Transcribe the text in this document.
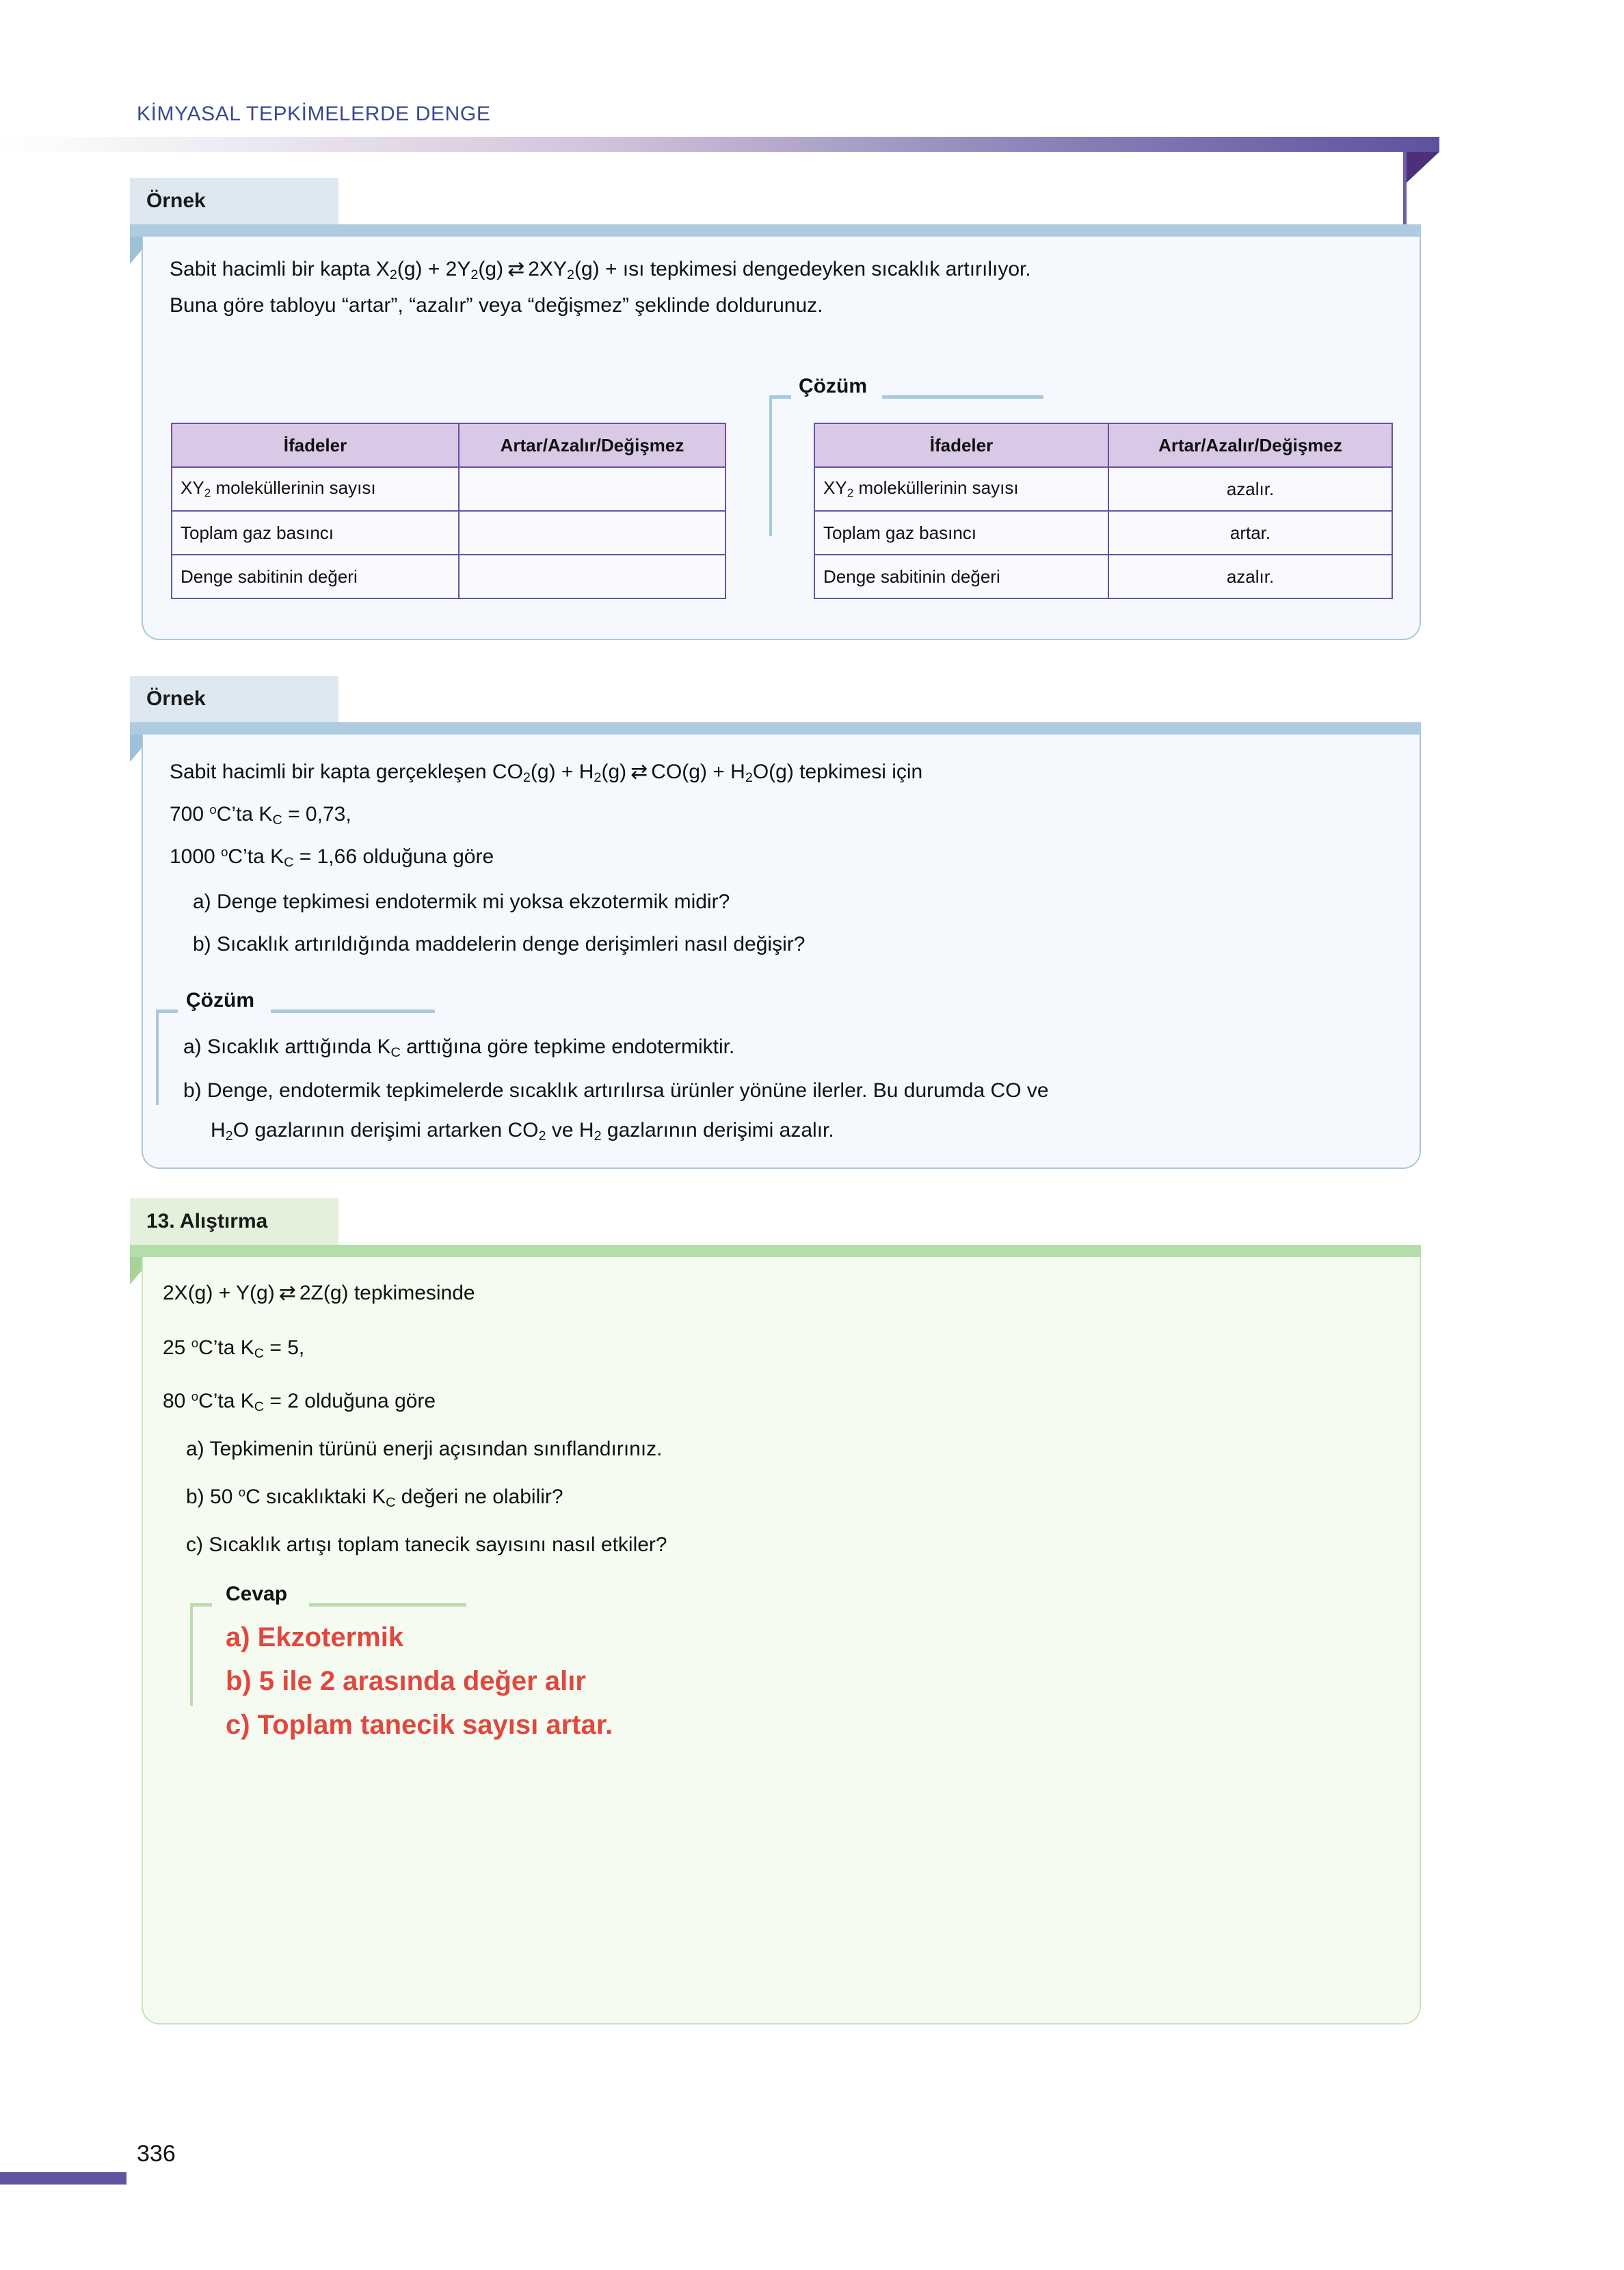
KİMYASAL TEPKİMELERDE DENGE
Örnek
Sabit hacimli bir kapta $X_2(g) + 2Y_2(g)$ ⇄ $2XY_2(g)$ + ısı tepkimesi dengedeyken sıcaklık artırılıyor.
Buna göre tabloyu “artar”, “azalır” veya “değişmez” şeklinde doldurunuz.
Çözüm
İfadeler	Artar/Azalır/Değişmez
$XY_2$ moleküllerinin sayısı	
Toplam gaz basıncı	
Denge sabitinin değeri	
İfadeler	Artar/Azalır/Değişmez
$XY_2$ moleküllerinin sayısı	azalır.
Toplam gaz basıncı	artar.
Denge sabitinin değeri	azalır.
Örnek
Sabit hacimli bir kapta gerçekleşen $CO_2(g) + H_2(g)$ ⇄ $CO(g) + H_2O(g)$ tepkimesi için
700 $^o$C’ta $K_C = 0,73$,
1000 $^o$C’ta $K_C = 1,66$ olduğuna göre
a) Denge tepkimesi endotermik mi yoksa ekzotermik midir?
b) Sıcaklık artırıldığında maddelerin denge derişimleri nasıl değişir?
Çözüm
a) Sıcaklık arttığında $K_C$ arttığına göre tepkime endotermiktir.
b) Denge, endotermik tepkimelerde sıcaklık artırılırsa ürünler yönüne ilerler. Bu durumda CO ve
$H_2O$ gazlarının derişimi artarken $CO_2$ ve $H_2$ gazlarının derişimi azalır.
13. Alıştırma
2X(g) + Y(g) ⇄ 2Z(g) tepkimesinde
25 $^o$C’ta $K_C = 5$,
80 $^o$C’ta $K_C = 2$ olduğuna göre
a) Tepkimenin türünü enerji açısından sınıflandırınız.
b) 50 $^o$C sıcaklıktaki $K_C$ değeri ne olabilir?
c) Sıcaklık artışı toplam tanecik sayısını nasıl etkiler?
Cevap
a) Ekzotermik
b) 5 ile 2 arasında değer alır
c) Toplam tanecik sayısı artar.
336
